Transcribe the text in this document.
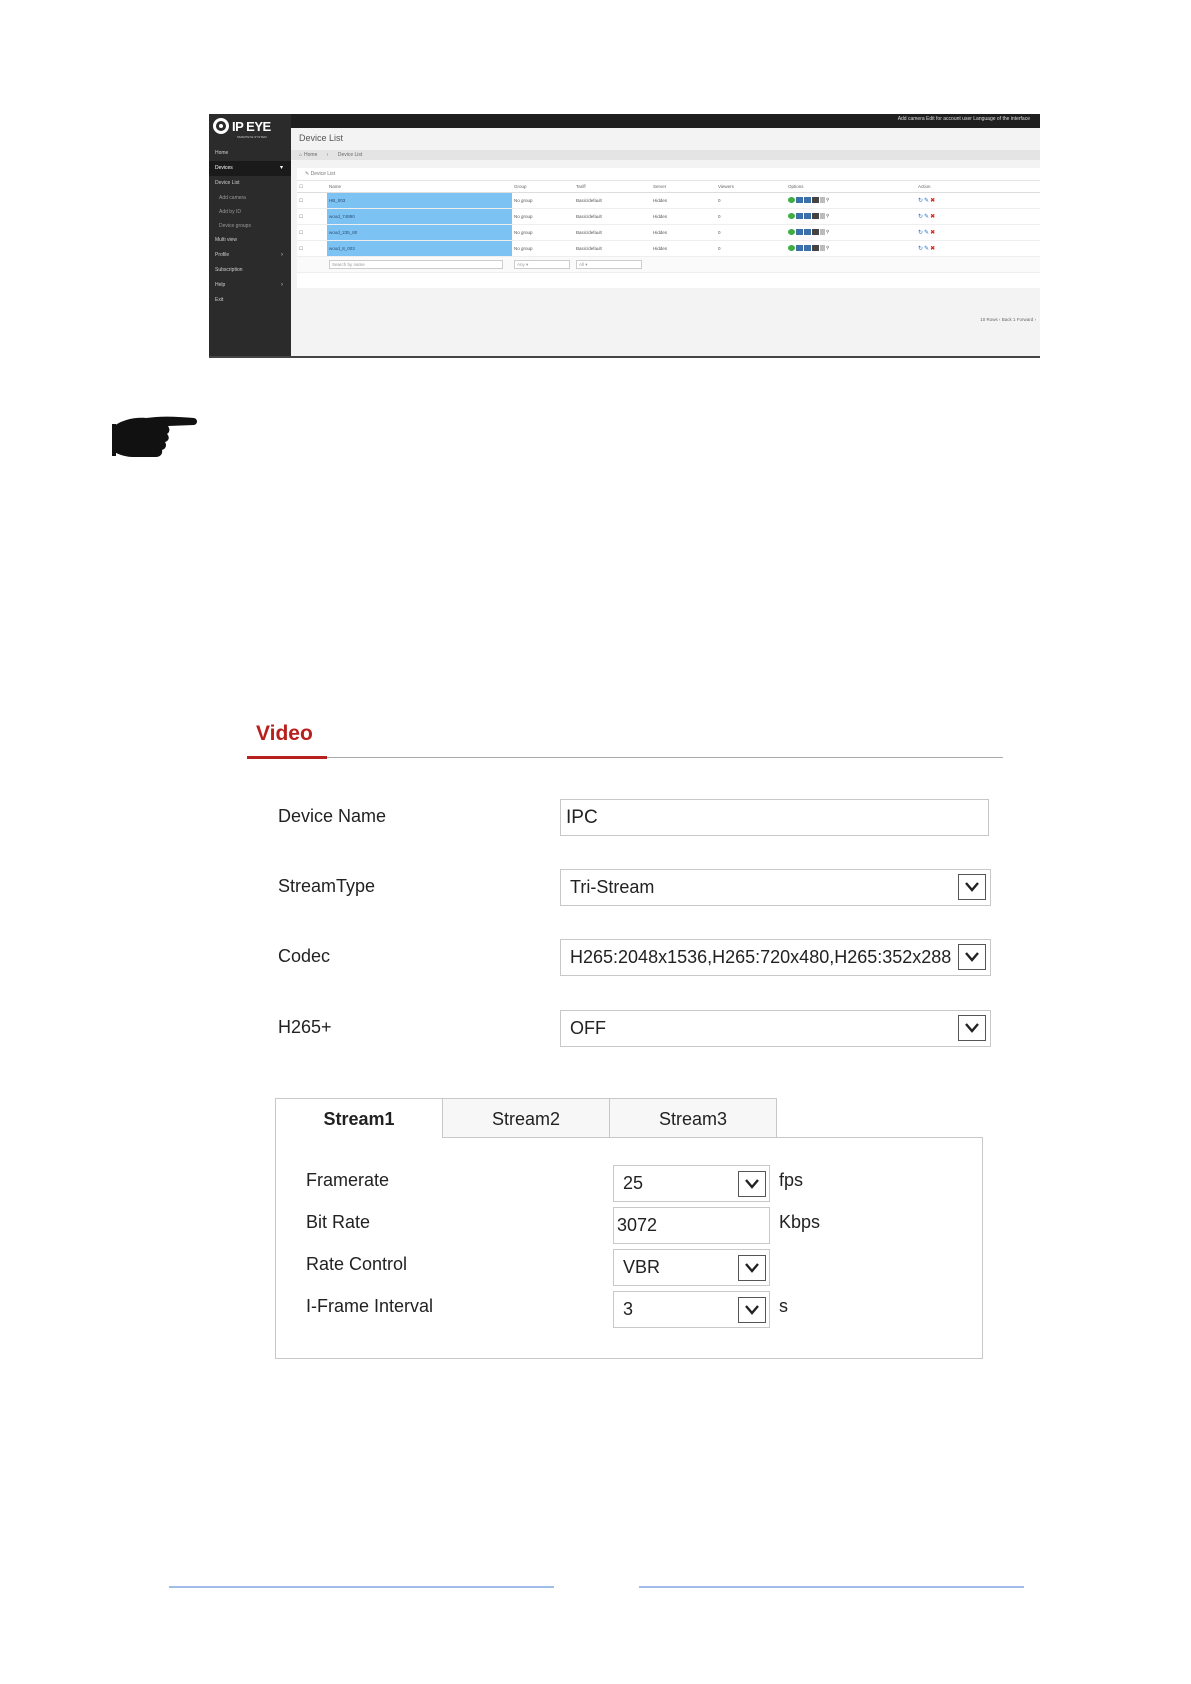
IP EYE
SMARTEYE SYSTEM
Home
Devices	▾
Device List
Add camera
Add by ID
Device groups
Multi view
Profile	›
Subscription
Help	›
Exit
Add camera Edit for account user Language of the interface
Device List
⌂ Home › Device List
✎ Device List
☐	Name	Group	Tariff	Server	Viewers	Options	Action
☐	HB_003	No group	Basic/default	Hidden	0	⚲	↻✎✖
☐	wood_74890	No group	Basic/default	Hidden	0	⚲	↻✎✖
☐	wood_235_80	No group	Basic/default	Hidden	0	⚲	↻✎✖
☐	wood_8_003	No group	Basic/default	Hidden	0	⚲	↻✎✖
	Search by name	Any ▾	All ▾				
10 Rows ‹ Back 1 Forward ›
Video
Device Name	IPC
StreamType	Tri-Stream
Codec	H265:2048x1536,H265:720x480,H265:352x288
H265+	OFF
Stream1	Stream2	Stream3
Framerate	25	fps
Bit Rate	3072	Kbps
Rate Control	VBR
I-Frame Interval	3	s
